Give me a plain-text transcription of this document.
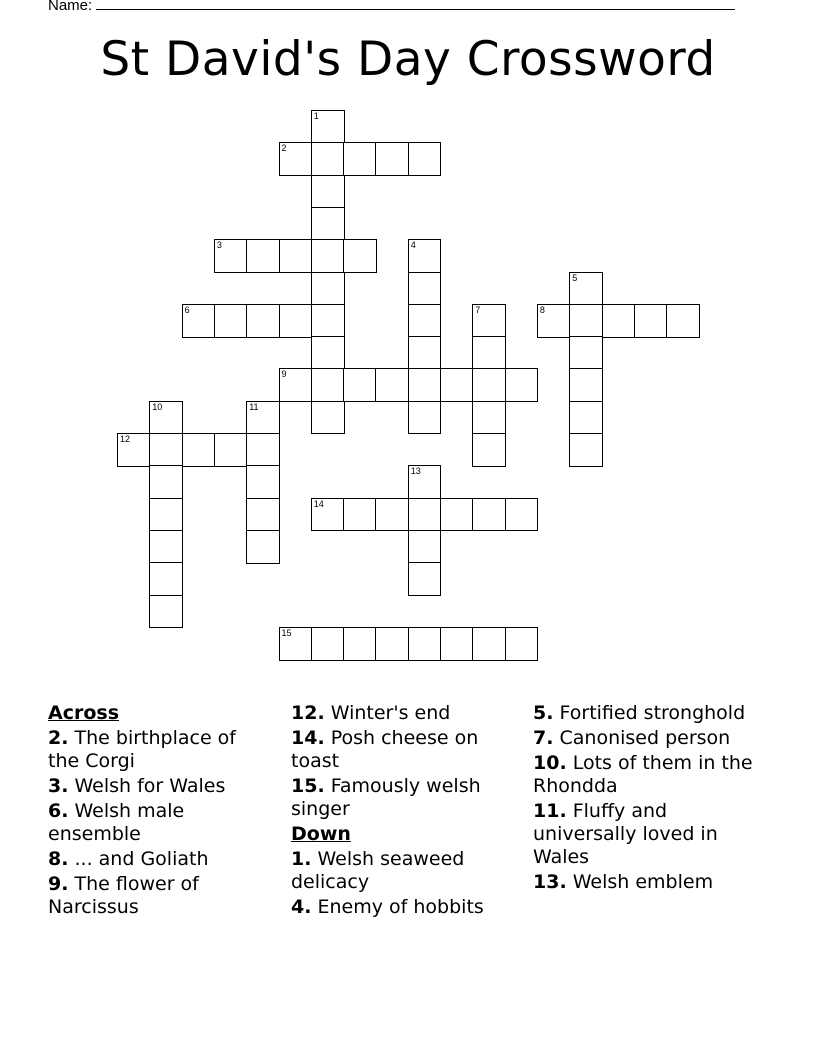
Name:
St David's Day Crossword
1
2
3	4
5
6	7	8
9
10	11
12
13
14
15
Across
2. The birthplace of the Corgi
3. Welsh for Wales
6. Welsh male ensemble
8. ... and Goliath
9. The flower of Narcissus
12. Winter's end
14. Posh cheese on toast
15. Famously welsh singer
Down
1. Welsh seaweed delicacy
4. Enemy of hobbits
5. Fortified stronghold
7. Canonised person
10. Lots of them in the Rhondda
11. Fluffy and universally loved in Wales
13. Welsh emblem
